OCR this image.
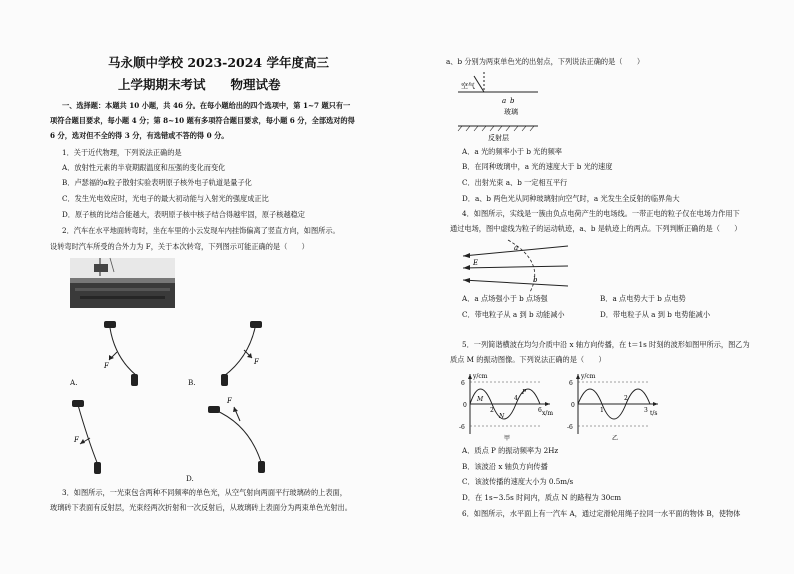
马永顺中学校 2023-2024 学年度高三
上学期期末考试　　物理试卷
一、选择题：本题共 10 小题，共 46 分。在每小题给出的四个选项中，第 1~7 题只有一
项符合题目要求，每小题 4 分；第 8~10 题有多项符合题目要求，每小题 6 分，全部选对的得
6 分，选对但不全的得 3 分，有选错或不答的得 0 分。
1．关于近代物理，下列说法正确的是
A．放射性元素的半衰期跟温度和压强的变化而变化
B．卢瑟福的α粒子散射实验表明原子核外电子轨道是量子化
C．发生光电效应时，光电子的最大初动能与入射光的强度成正比
D．原子核的比结合能越大，表明原子核中核子结合得越牢固，原子核越稳定
2．汽车在水平地面转弯时，坐在车里的小云发现车内挂饰偏离了竖直方向，如图所示。
设转弯时汽车所受的合外力为 F，关于本次转弯，下列图示可能正确的是（　　）
F
A.
F
B.
F
F
D.
3．如图所示，一光束包含两种不同频率的单色光，从空气射向两面平行玻璃砖的上表面，
玻璃砖下表面有反射层，光束经两次折射和一次反射后，从玻璃砖上表面分为两束单色光射出。
a、b 分别为两束单色光的出射点，下列说法正确的是（　　）
空气
a b
玻璃
反射层
A．a 光的频率小于 b 光的频率
B．在同种玻璃中，a 光的速度大于 b 光的速度
C．出射光束 a、b 一定相互平行
D．a、b 两色光从同种玻璃射向空气时，a 光发生全反射的临界角大
4．如图所示，实线是一簇由负点电荷产生的电场线。一带正电的粒子仅在电场力作用下
通过电场，图中虚线为粒子的运动轨迹，a、b 是轨迹上的两点。下列判断正确的是（　　）
a
b
E
A．a 点场强小于 b 点场强	B．a 点电势大于 b 点电势
C．带电粒子从 a 到 b 动能减小	D．带电粒子从 a 到 b 电势能减小
5．一列简谐横波在均匀介质中沿 x 轴方向传播，在 t＝1s 时刻的波形如图甲所示，图乙为
质点 M 的振动图像。下列说法正确的是（　　）
y/cm
x/m
6
0
-6
2
4
6
M
N
P
甲
y/cm
t/s
6
0
-6
1
2
3
乙
A．质点 P 的振动频率为 2Hz
B．该波沿 x 轴负方向传播
C．该波传播的速度大小为 0.5m/s
D．在 1s~3.5s 时间内，质点 N 的路程为 30cm
6．如图所示，水平面上有一汽车 A，通过定滑轮用绳子拉同一水平面的物体 B，使物体
